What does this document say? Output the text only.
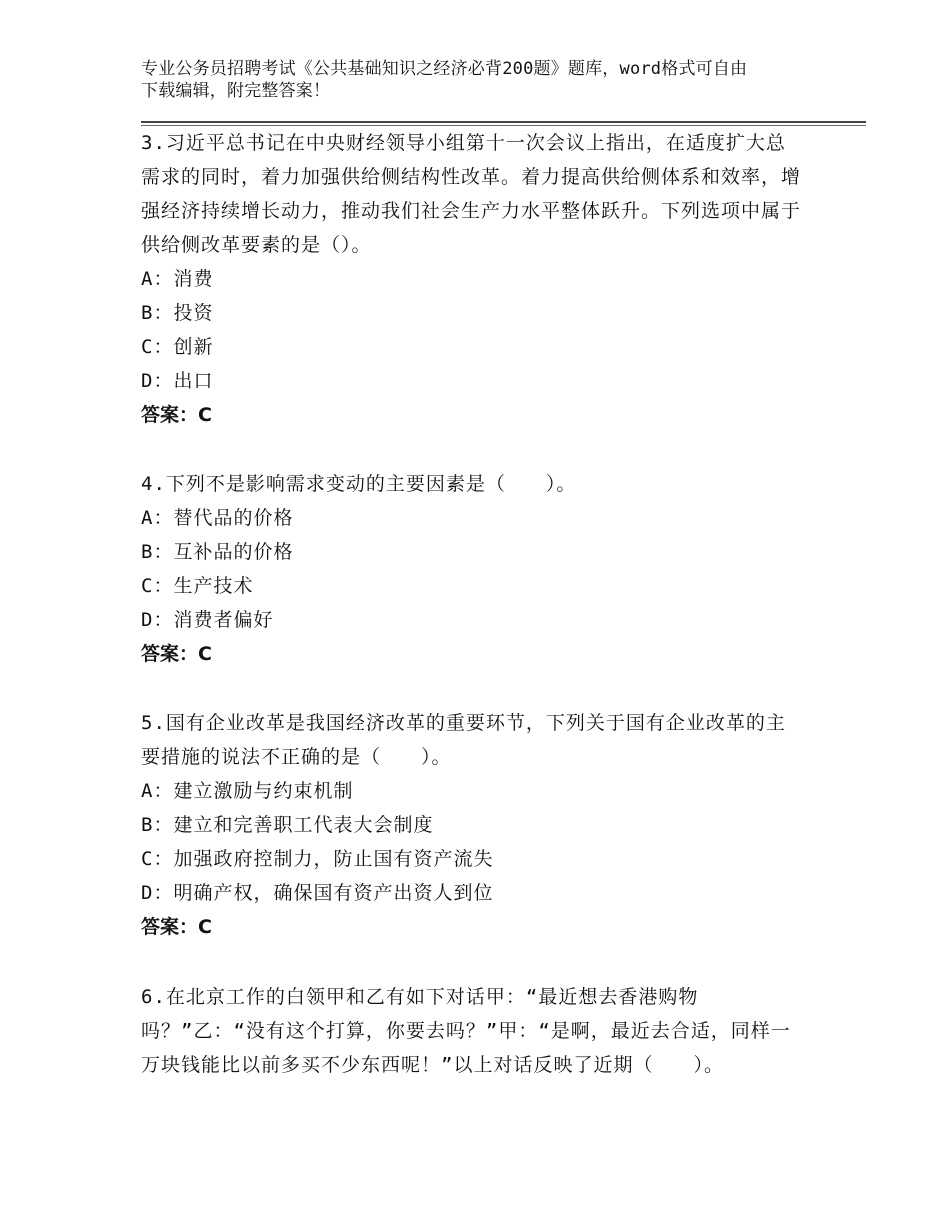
专业公务员招聘考试《公共基础知识之经济必背200题》题库，word格式可自由
下载编辑，附完整答案！
3.习近平总书记在中央财经领导小组第十一次会议上指出，在适度扩大总需求的同时，着力加强供给侧结构性改革。着力提高供给侧体系和效率，增强经济持续增长动力，推动我们社会生产力水平整体跃升。下列选项中属于供给侧改革要素的是（）。
A：消费
B：投资
C：创新
D：出口
答案：C
4.下列不是影响需求变动的主要因素是（　　）。
A：替代品的价格
B：互补品的价格
C：生产技术
D：消费者偏好
答案：C
5.国有企业改革是我国经济改革的重要环节，下列关于国有企业改革的主要措施的说法不正确的是（　　）。
A：建立激励与约束机制
B：建立和完善职工代表大会制度
C：加强政府控制力，防止国有资产流失
D：明确产权，确保国有资产出资人到位
答案：C
6.在北京工作的白领甲和乙有如下对话甲：“最近想去香港购物吗？”乙：“没有这个打算，你要去吗？”甲：“是啊，最近去合适，同样一万块钱能比以前多买不少东西呢！”以上对话反映了近期（　　）。
